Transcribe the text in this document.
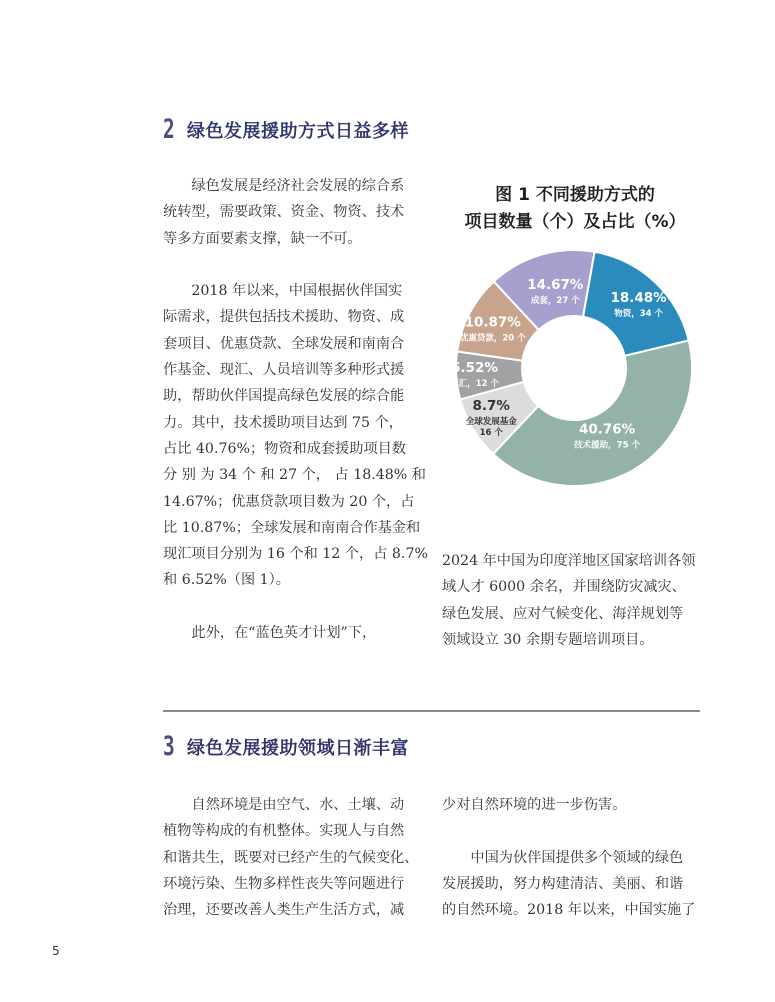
2 绿色发展援助方式日益多样

　　绿色发展是经济社会发展的综合系

统转型，需要政策、资金、物资、技术

等多方面要素支撑，缺一不可。

　　2018 年以来，中国根据伙伴国实

际需求，提供包括技术援助、物资、成

套项目、优惠贷款、全球发展和南南合

作基金、现汇、人员培训等多种形式援

助，帮助伙伴国提高绿色发展的综合能

力。其中，技术援助项目达到 75 个，

占比 40.76%；物资和成套援助项目数

分 别 为 34 个 和 27 个， 占 18.48% 和

14.67%；优惠贷款项目数为 20 个，占

比 10.87%；全球发展和南南合作基金和

现汇项目分别为 16 个和 12 个，占 8.7%

和 6.52%（图 1）。

　　此外，在“蓝色英才计划”下，

图 1 不同援助方式的
项目数量（个）及占比（%）
18.48%
物资，34 个
40.76%
技术援助，75 个
8.7%
全球发展基金
16 个
6.52%
现汇，12 个
10.87%
优惠贷款，20 个
14.67%
成套，27 个

2024 年中国为印度洋地区国家培训各领

域人才 6000 余名，并围绕防灾减灾、

绿色发展、应对气候变化、海洋规划等

领域设立 30 余期专题培训项目。

3 绿色发展援助领域日渐丰富

　　自然环境是由空气、水、土壤、动

植物等构成的有机整体。实现人与自然

和谐共生，既要对已经产生的气候变化、

环境污染、生物多样性丧失等问题进行

治理，还要改善人类生产生活方式，减

少对自然环境的进一步伤害。

　　中国为伙伴国提供多个领域的绿色

发展援助，努力构建清洁、美丽、和谐

的自然环境。2018 年以来，中国实施了

5
